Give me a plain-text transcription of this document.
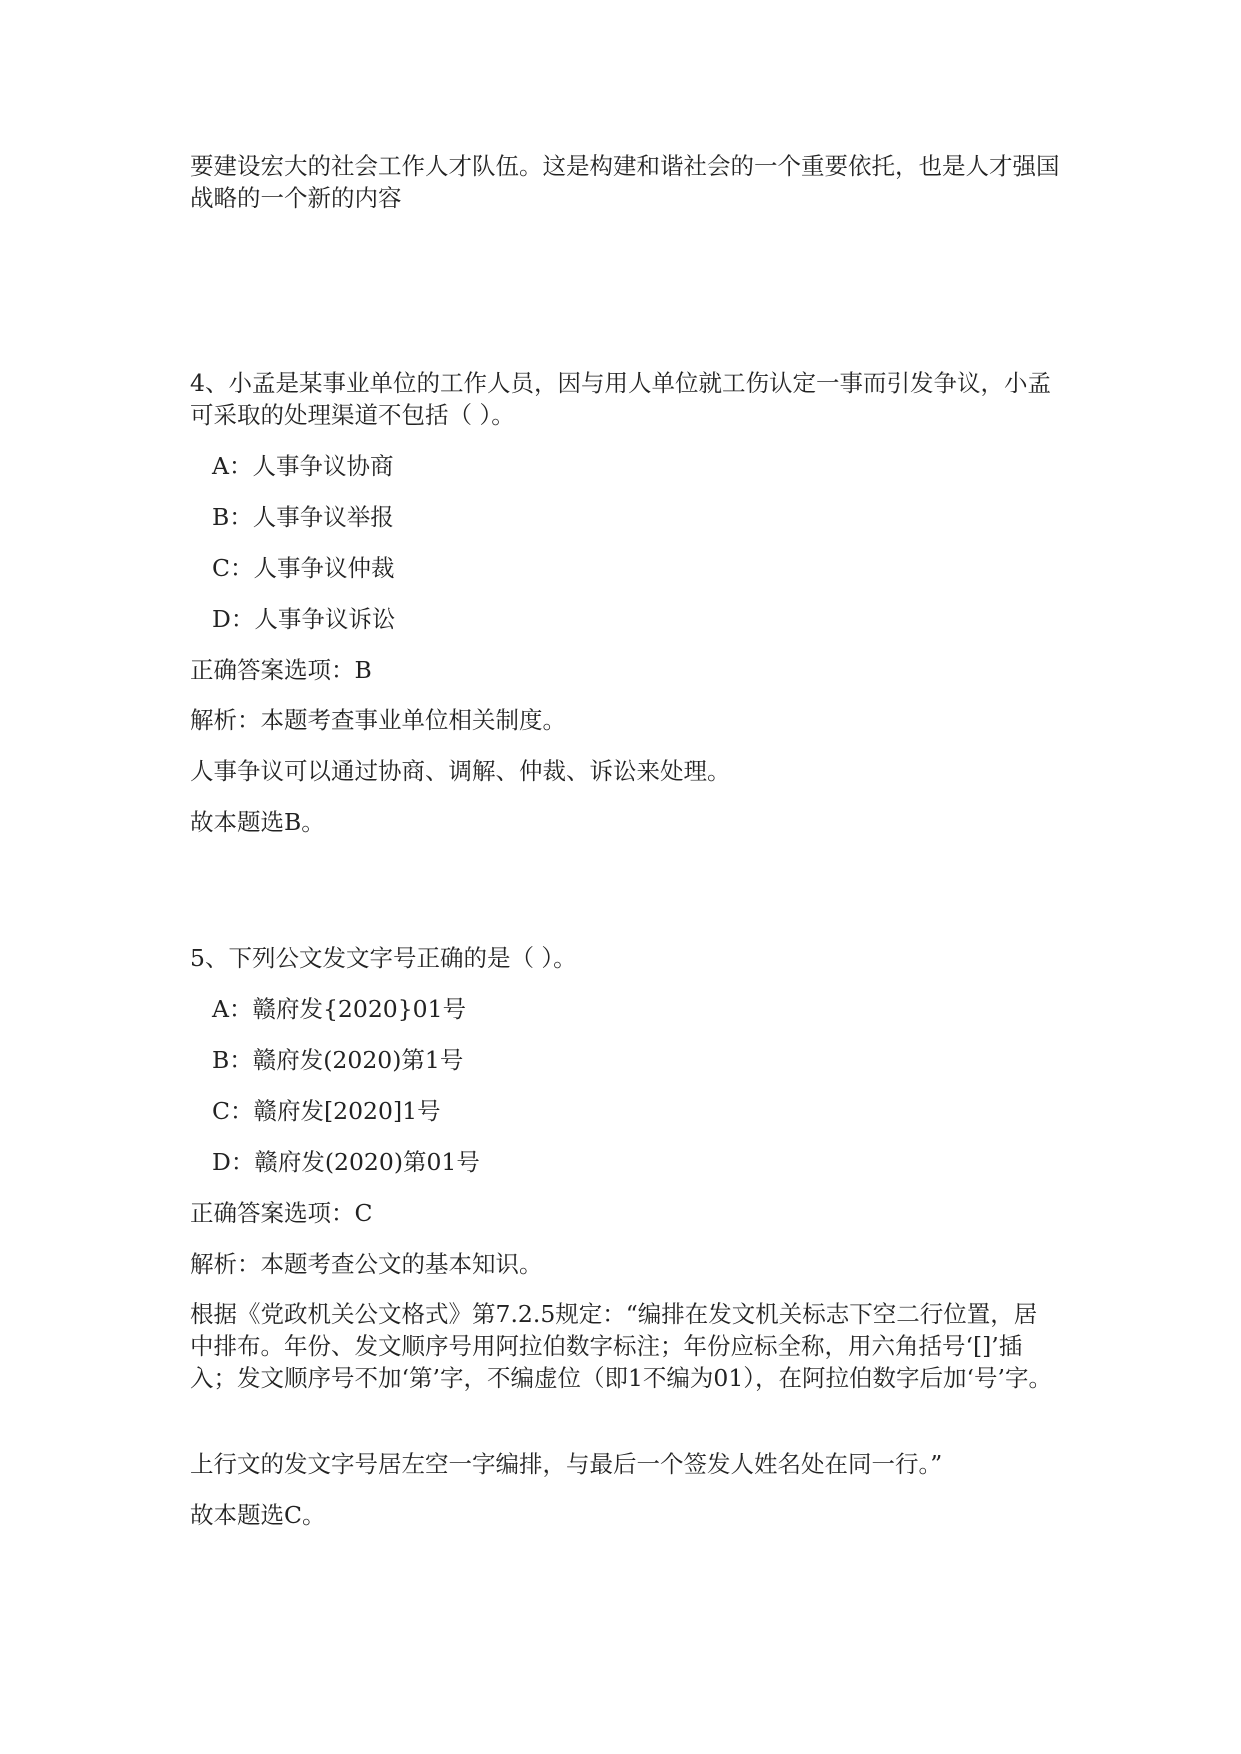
要建设宏大的社会工作人才队伍。这是构建和谐社会的一个重要依托，也是人才强国战略的一个新的内容

4、小孟是某事业单位的工作人员，因与用人单位就工伤认定一事而引发争议，小孟可采取的处理渠道不包括（ ）。

A：人事争议协商

B：人事争议举报

C：人事争议仲裁

D：人事争议诉讼

正确答案选项：B

解析：本题考查事业单位相关制度。

人事争议可以通过协商、调解、仲裁、诉讼来处理。

故本题选B。

5、下列公文发文字号正确的是（ ）。

A：赣府发{2020}01号

B：赣府发(2020)第1号

C：赣府发[2020]1号

D：赣府发(2020)第01号

正确答案选项：C

解析：本题考查公文的基本知识。

根据《党政机关公文格式》第7.2.5规定：“编排在发文机关标志下空二行位置，居中排布。年份、发文顺序号用阿拉伯数字标注；年份应标全称，用六角括号‘[]’插入；发文顺序号不加‘第’字，不编虚位（即1不编为01），在阿拉伯数字后加‘号’字。

上行文的发文字号居左空一字编排，与最后一个签发人姓名处在同一行。”

故本题选C。
